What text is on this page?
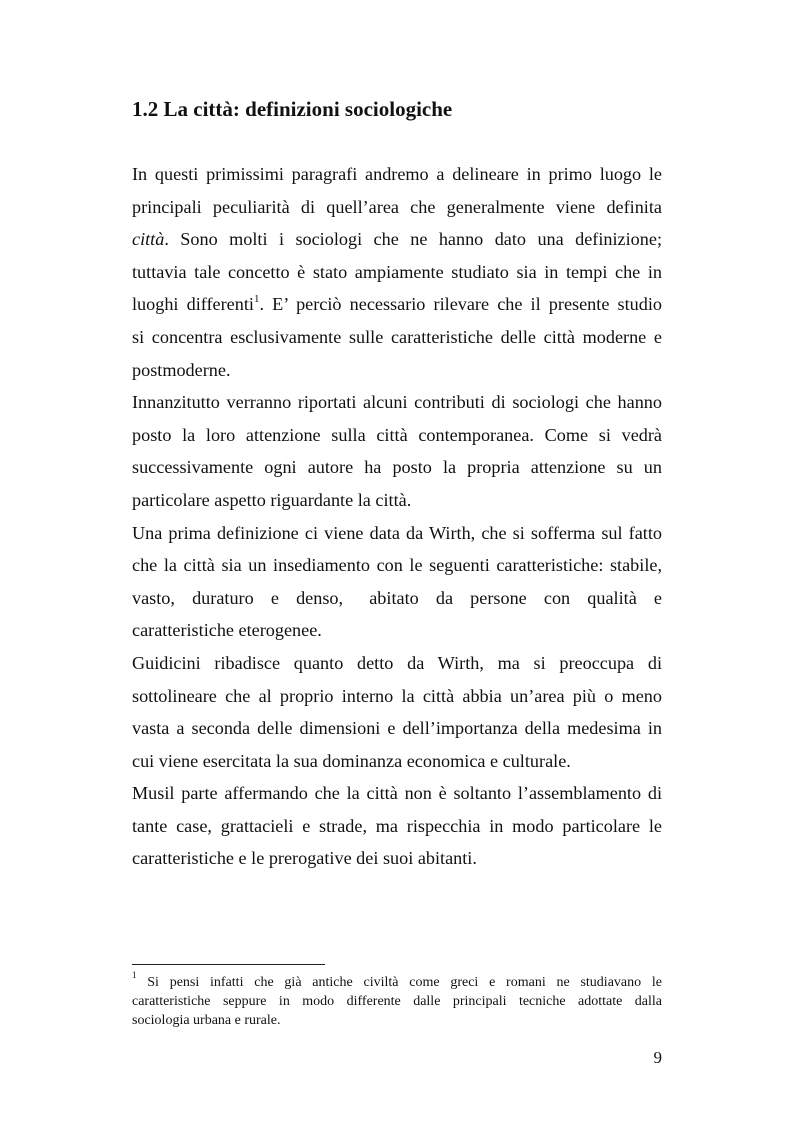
1.2 La città: definizioni sociologiche

In questi primissimi paragrafi andremo a delineare in primo luogo le
principali peculiarità di quell’area che generalmente viene definita
città. Sono molti i sociologi che ne hanno dato una definizione;
tuttavia tale concetto è stato ampiamente studiato sia in tempi che in
luoghi differenti$^1$. E’ perciò necessario rilevare che il presente studio
si concentra esclusivamente sulle caratteristiche delle città moderne e
postmoderne.

Innanzitutto verranno riportati alcuni contributi di sociologi che hanno
posto la loro attenzione sulla città contemporanea. Come si vedrà
successivamente ogni autore ha posto la propria attenzione su un
particolare aspetto riguardante la città.

Una prima definizione ci viene data da Wirth, che si sofferma sul fatto
che la città sia un insediamento con le seguenti caratteristiche: stabile,
vasto, duraturo e denso, abitato da persone con qualità e
caratteristiche eterogenee.

Guidicini ribadisce quanto detto da Wirth, ma si preoccupa di
sottolineare che al proprio interno la città abbia un’area più o meno
vasta a seconda delle dimensioni e dell’importanza della medesima in
cui viene esercitata la sua dominanza economica e culturale.

Musil parte affermando che la città non è soltanto l’assemblamento di
tante case, grattacieli e strade, ma rispecchia in modo particolare le
caratteristiche e le prerogative dei suoi abitanti.

$^1$ Si pensi infatti che già antiche civiltà come greci e romani ne studiavano le
caratteristiche seppure in modo differente dalle principali tecniche adottate dalla
sociologia urbana e rurale.

9
